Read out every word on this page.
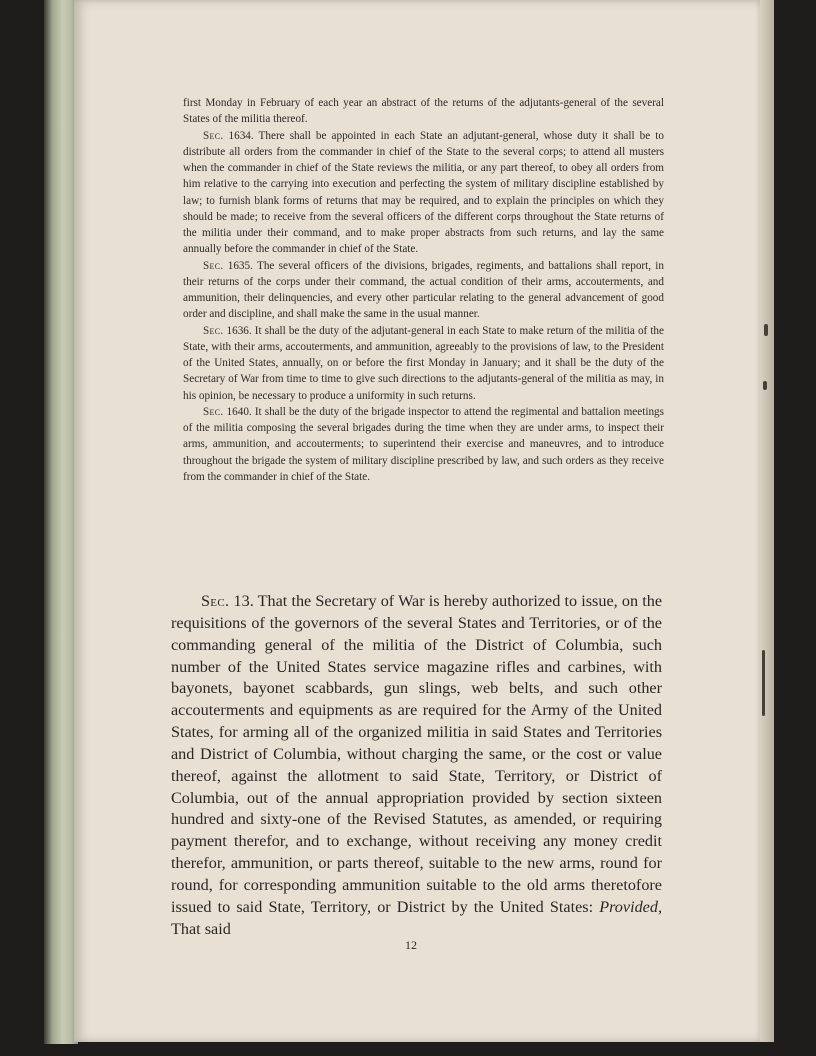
first Monday in February of each year an abstract of the returns of the adjutants-general of the several States of the militia thereof.

Sec. 1634. There shall be appointed in each State an adjutant-general, whose duty it shall be to distribute all orders from the commander in chief of the State to the several corps; to attend all musters when the commander in chief of the State reviews the militia, or any part thereof, to obey all orders from him relative to the carrying into execution and perfecting the system of military discipline established by law; to furnish blank forms of returns that may be required, and to explain the principles on which they should be made; to receive from the several officers of the different corps throughout the State returns of the militia under their command, and to make proper abstracts from such returns, and lay the same annually before the commander in chief of the State.

Sec. 1635. The several officers of the divisions, brigades, regiments, and battalions shall report, in their returns of the corps under their command, the actual condition of their arms, accouterments, and ammunition, their delinquencies, and every other particular relating to the general advancement of good order and discipline, and shall make the same in the usual manner.

Sec. 1636. It shall be the duty of the adjutant-general in each State to make return of the militia of the State, with their arms, accouterments, and ammunition, agreeably to the provisions of law, to the President of the United States, annually, on or before the first Monday in January; and it shall be the duty of the Secretary of War from time to time to give such directions to the adjutants-general of the militia as may, in his opinion, be necessary to produce a uniformity in such returns.

Sec. 1640. It shall be the duty of the brigade inspector to attend the regimental and battalion meetings of the militia composing the several brigades during the time when they are under arms, to inspect their arms, ammunition, and accouterments; to superintend their exercise and maneuvres, and to introduce throughout the brigade the system of military discipline prescribed by law, and such orders as they receive from the commander in chief of the State.

Sec. 13. That the Secretary of War is hereby authorized to issue, on the requisitions of the governors of the several States and Territories, or of the commanding general of the militia of the District of Columbia, such number of the United States service magazine rifles and carbines, with bayonets, bayonet scabbards, gun slings, web belts, and such other accouterments and equipments as are required for the Army of the United States, for arming all of the organized militia in said States and Territories and District of Columbia, without charging the same, or the cost or value thereof, against the allotment to said State, Territory, or District of Columbia, out of the annual appropriation provided by section sixteen hundred and sixty-one of the Revised Statutes, as amended, or requiring payment therefor, and to exchange, without receiving any money credit therefor, ammunition, or parts thereof, suitable to the new arms, round for round, for corresponding ammunition suitable to the old arms theretofore issued to said State, Territory, or District by the United States: Provided, That said

12
